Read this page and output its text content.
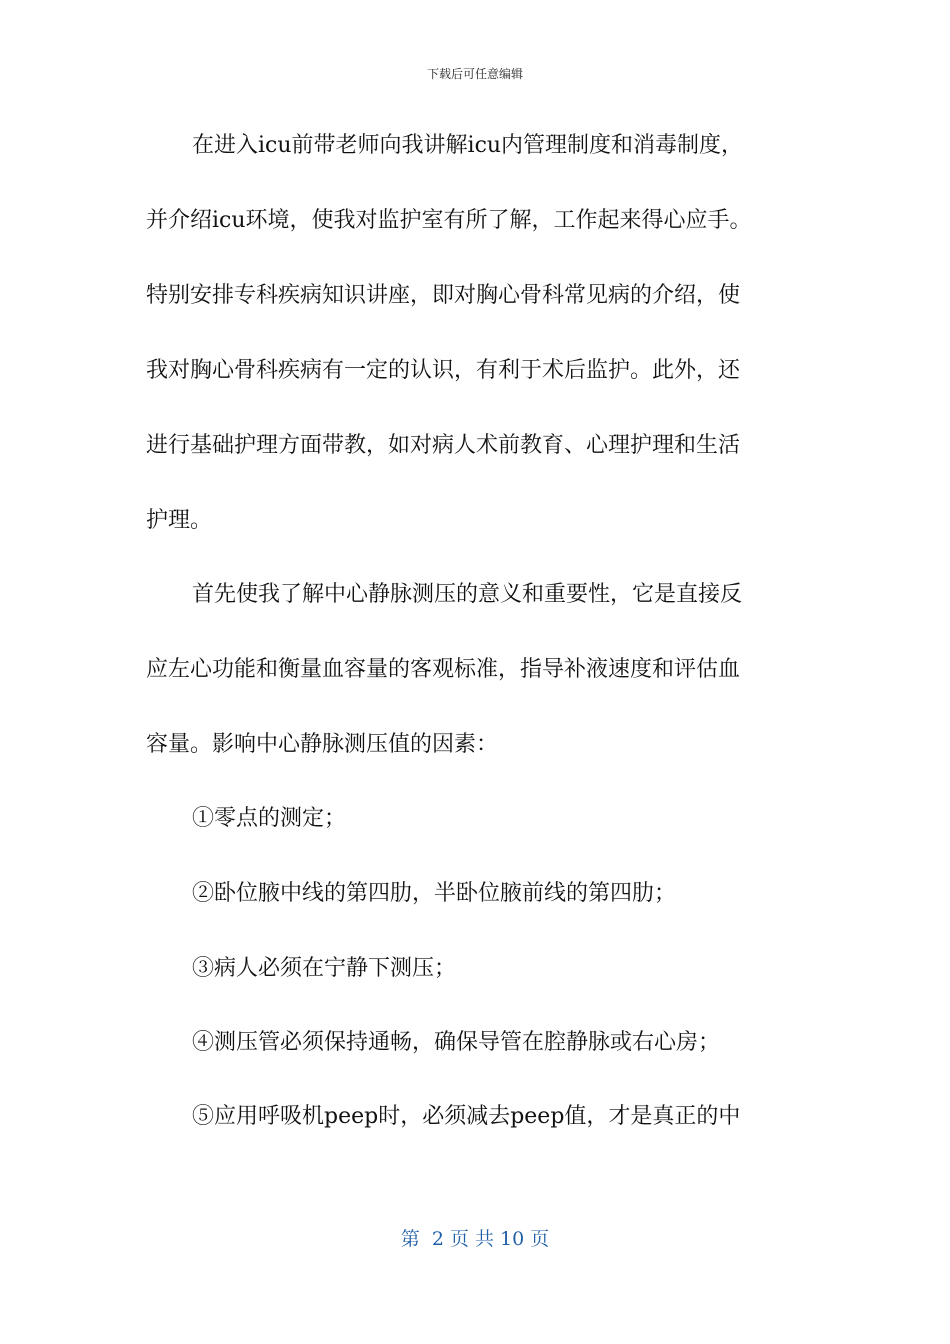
下载后可任意编辑
在进入icu前带老师向我讲解icu内管理制度和消毒制度，
并介绍icu环境，使我对监护室有所了解，工作起来得心应手。
特别安排专科疾病知识讲座，即对胸心骨科常见病的介绍，使
我对胸心骨科疾病有一定的认识，有利于术后监护。此外，还
进行基础护理方面带教，如对病人术前教育、心理护理和生活
护理。
首先使我了解中心静脉测压的意义和重要性，它是直接反
应左心功能和衡量血容量的客观标准，指导补液速度和评估血
容量。影响中心静脉测压值的因素：
①零点的测定；
②卧位腋中线的第四肋，半卧位腋前线的第四肋；
③病人必须在宁静下测压；
④测压管必须保持通畅，确保导管在腔静脉或右心房；
⑤应用呼吸机peep时，必须减去peep值，才是真正的中
第  2 页 共 10 页
